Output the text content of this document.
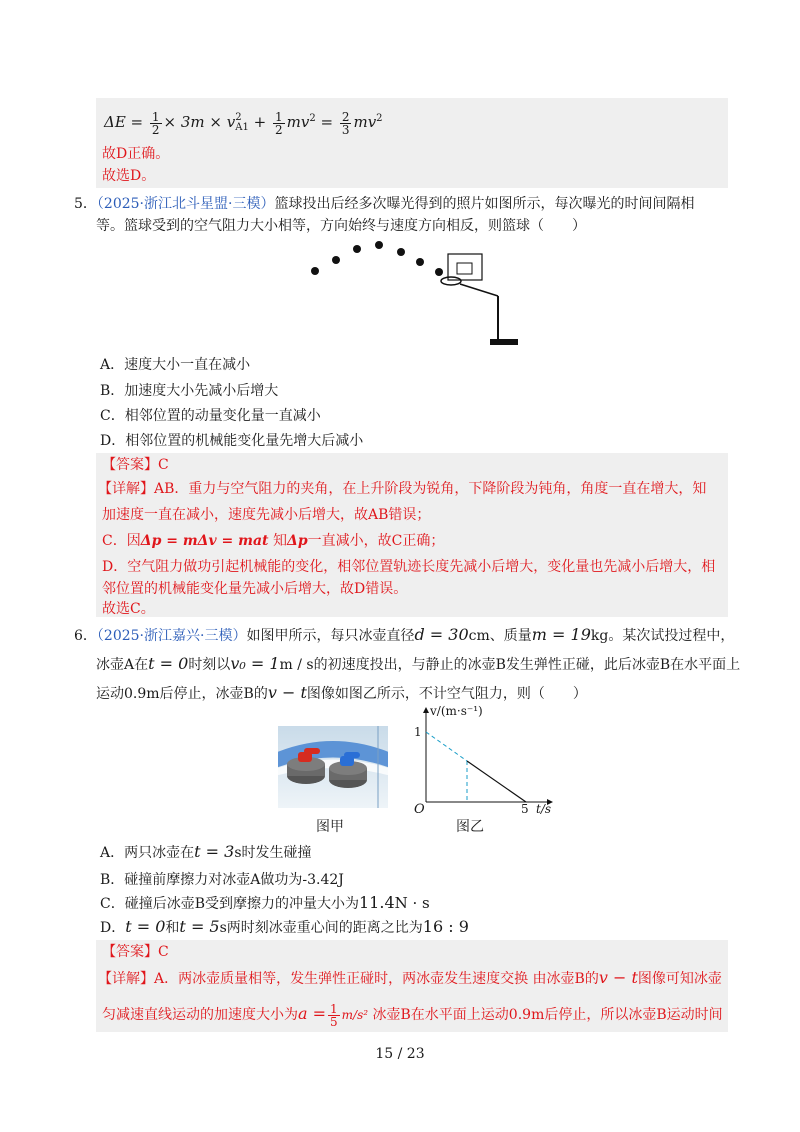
$\Delta E = \frac{1}{2} \times 3m \times v$ 2
$A1 + \frac{1}{2} mv^2 = \frac{2}{3} mv^2$
故D正确。
故选D。
5．（2025·浙江北斗星盟·三模）篮球投出后经多次曝光得到的照片如图所示，每次曝光的时间间隔相
等。篮球受到的空气阻力大小相等，方向始终与速度方向相反，则篮球（　　）
A．速度大小一直在减小
B．加速度大小先减小后增大
C．相邻位置的动量变化量一直减小
D．相邻位置的机械能变化量先增大后减小
【答案】C
【详解】AB．重力与空气阻力的夹角，在上升阶段为锐角，下降阶段为钝角，角度一直在增大，知
加速度一直在减小，速度先减小后增大，故AB错误；
C．因Δp = mΔv = mat 知Δp一直减小，故C正确；
D．空气阻力做功引起机械能的变化，相邻位置轨迹长度先减小后增大，变化量也先减小后增大，相
邻位置的机械能变化量先减小后增大，故D错误。
故选C。
6．（2025·浙江嘉兴·三模）如图甲所示，每只冰壶直径d = 30cm、质量m = 19kg。某次试投过程中，
冰壶A在t = 0时刻以v₀ = 1m / s的初速度投出，与静止的冰壶B发生弹性正碰，此后冰壶B在水平面上
运动0.9m后停止，冰壶B的v − t图像如图乙所示，不计空气阻力，则（　　）
图甲
v/(m·s⁻¹)
1
O	5 t/s
图乙
A．两只冰壶在t = 3s时发生碰撞
B．碰撞前摩擦力对冰壶A做功为-3.42J
C．碰撞后冰壶B受到摩擦力的冲量大小为11.4N · s
D．t = 0和t = 5s两时刻冰壶重心间的距离之比为16 : 9
【答案】C
【详解】A．两冰壶质量相等，发生弹性正碰时，两冰壶发生速度交换 由冰壶B的v − t图像可知冰壶
匀减速直线运动的加速度大小为$a = \frac{1}{5} m/s^2$ 冰壶B在水平面上运动0.9m后停止，所以冰壶B运动时间
15 / 23
